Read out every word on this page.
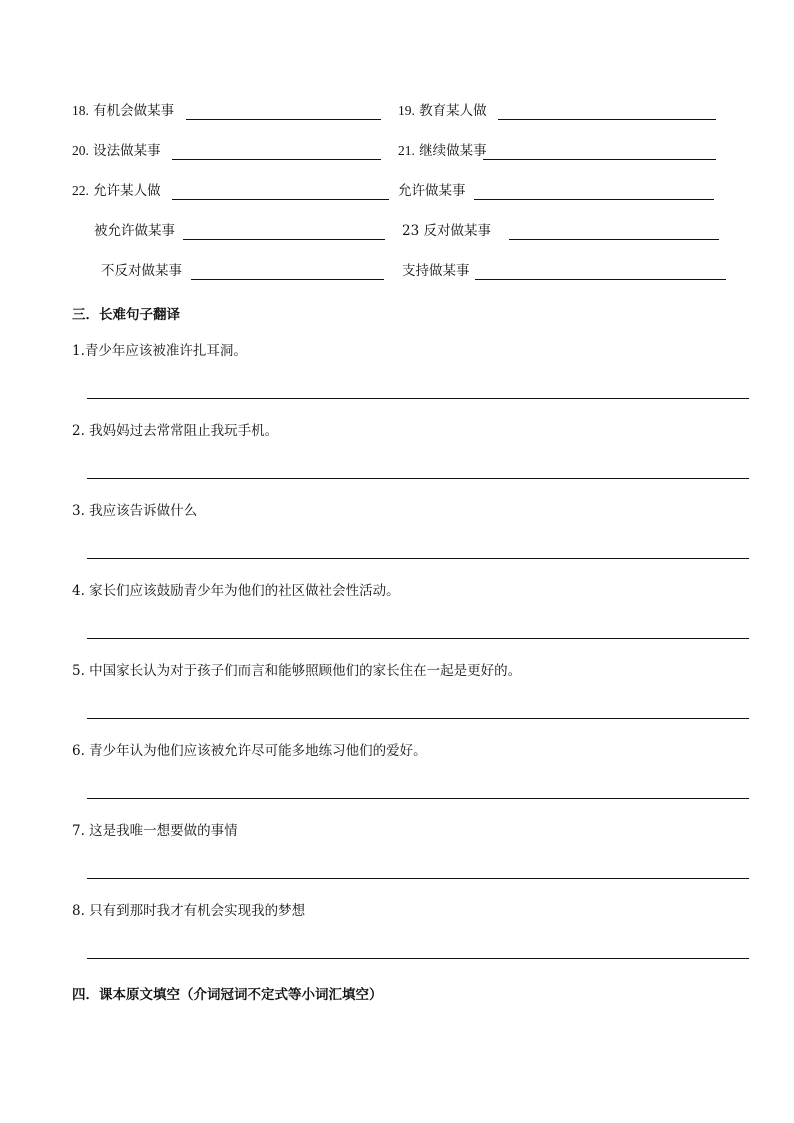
18. 有机会做某事	19. 教育某人做
20. 设法做某事	21. 继续做某事
22. 允许某人做	允许做某事
被允许做某事	23 反对做某事
不反对做某事	支持做某事
三．长难句子翻译
1.青少年应该被准许扎耳洞。
2. 我妈妈过去常常阻止我玩手机。
3. 我应该告诉做什么
4. 家长们应该鼓励青少年为他们的社区做社会性活动。
5. 中国家长认为对于孩子们而言和能够照顾他们的家长住在一起是更好的。
6. 青少年认为他们应该被允许尽可能多地练习他们的爱好。
7. 这是我唯一想要做的事情
8. 只有到那时我才有机会实现我的梦想
四．课本原文填空（介词冠词不定式等小词汇填空）
